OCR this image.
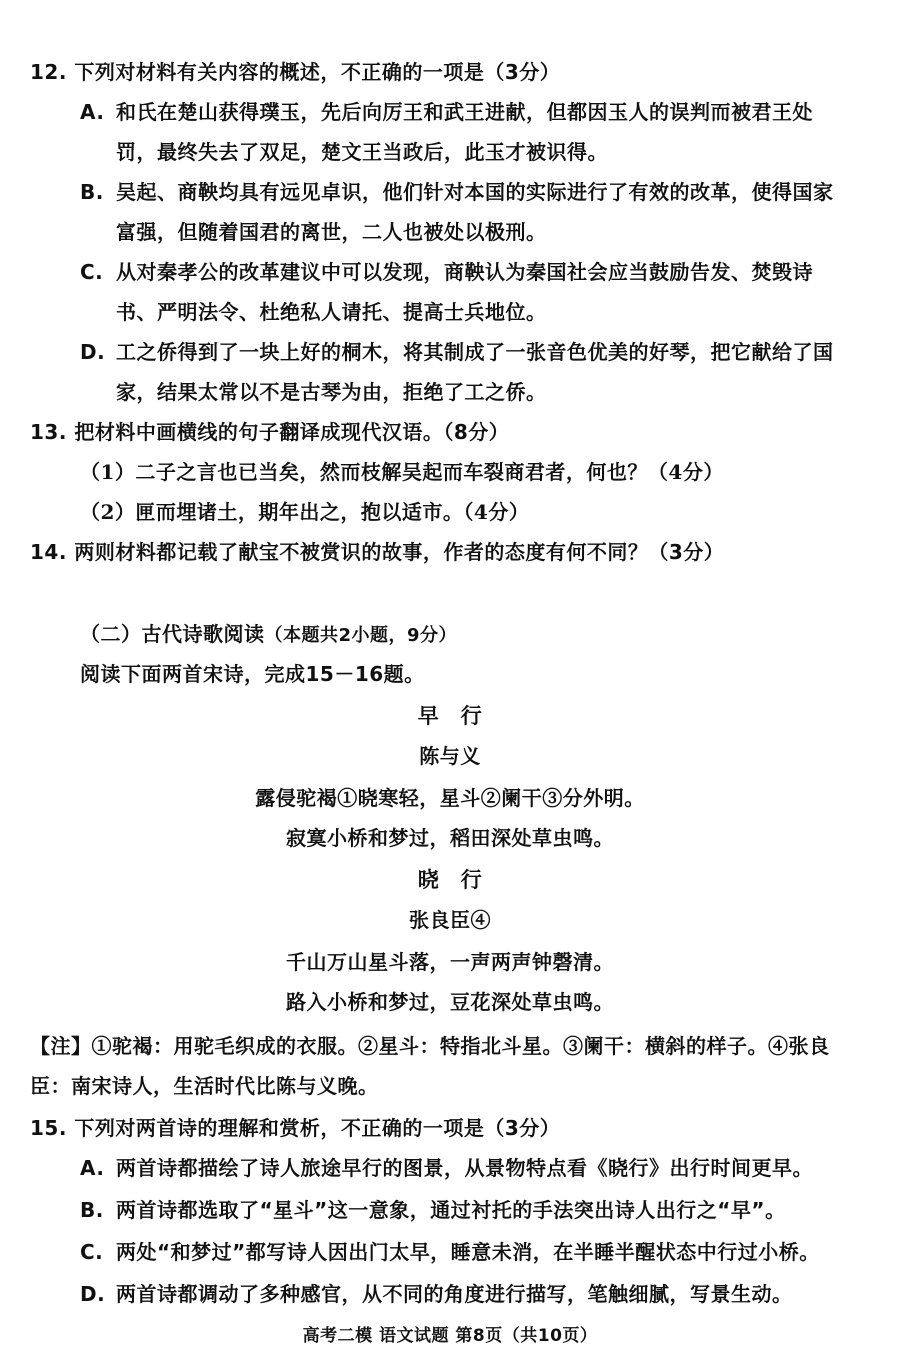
12. 下列对材料有关内容的概述，不正确的一项是（3分）
A. 和氏在楚山获得璞玉，先后向厉王和武王进献，但都因玉人的误判而被君王处
罚，最终失去了双足，楚文王当政后，此玉才被识得。
B. 吴起、商鞅均具有远见卓识，他们针对本国的实际进行了有效的改革，使得国家
富强，但随着国君的离世，二人也被处以极刑。
C. 从对秦孝公的改革建议中可以发现，商鞅认为秦国社会应当鼓励告发、焚毁诗
书、严明法令、杜绝私人请托、提高士兵地位。
D. 工之侨得到了一块上好的桐木，将其制成了一张音色优美的好琴，把它献给了国
家，结果太常以不是古琴为由，拒绝了工之侨。
13. 把材料中画横线的句子翻译成现代汉语。（8分）
（1）二子之言也已当矣，然而枝解吴起而车裂商君者，何也？（4分）
（2）匣而埋诸土，期年出之，抱以适市。（4分）
14. 两则材料都记载了献宝不被赏识的故事，作者的态度有何不同？（3分）
（二）古代诗歌阅读（本题共2小题，9分）
阅读下面两首宋诗，完成15－16题。
早　行
陈与义
露侵驼褐①晓寒轻，星斗②阑干③分外明。
寂寞小桥和梦过，稻田深处草虫鸣。
晓　行
张良臣④
千山万山星斗落，一声两声钟磬清。
路入小桥和梦过，豆花深处草虫鸣。
【注】①驼褐：用驼毛织成的衣服。②星斗：特指北斗星。③阑干：横斜的样子。④张良
臣：南宋诗人，生活时代比陈与义晚。
15. 下列对两首诗的理解和赏析，不正确的一项是（3分）
A. 两首诗都描绘了诗人旅途早行的图景，从景物特点看《晓行》出行时间更早。
B. 两首诗都选取了“星斗”这一意象，通过衬托的手法突出诗人出行之“早”。
C. 两处“和梦过”都写诗人因出门太早，睡意未消，在半睡半醒状态中行过小桥。
D. 两首诗都调动了多种感官，从不同的角度进行描写，笔触细腻，写景生动。
高考二模 语文试题 第8页（共10页）
